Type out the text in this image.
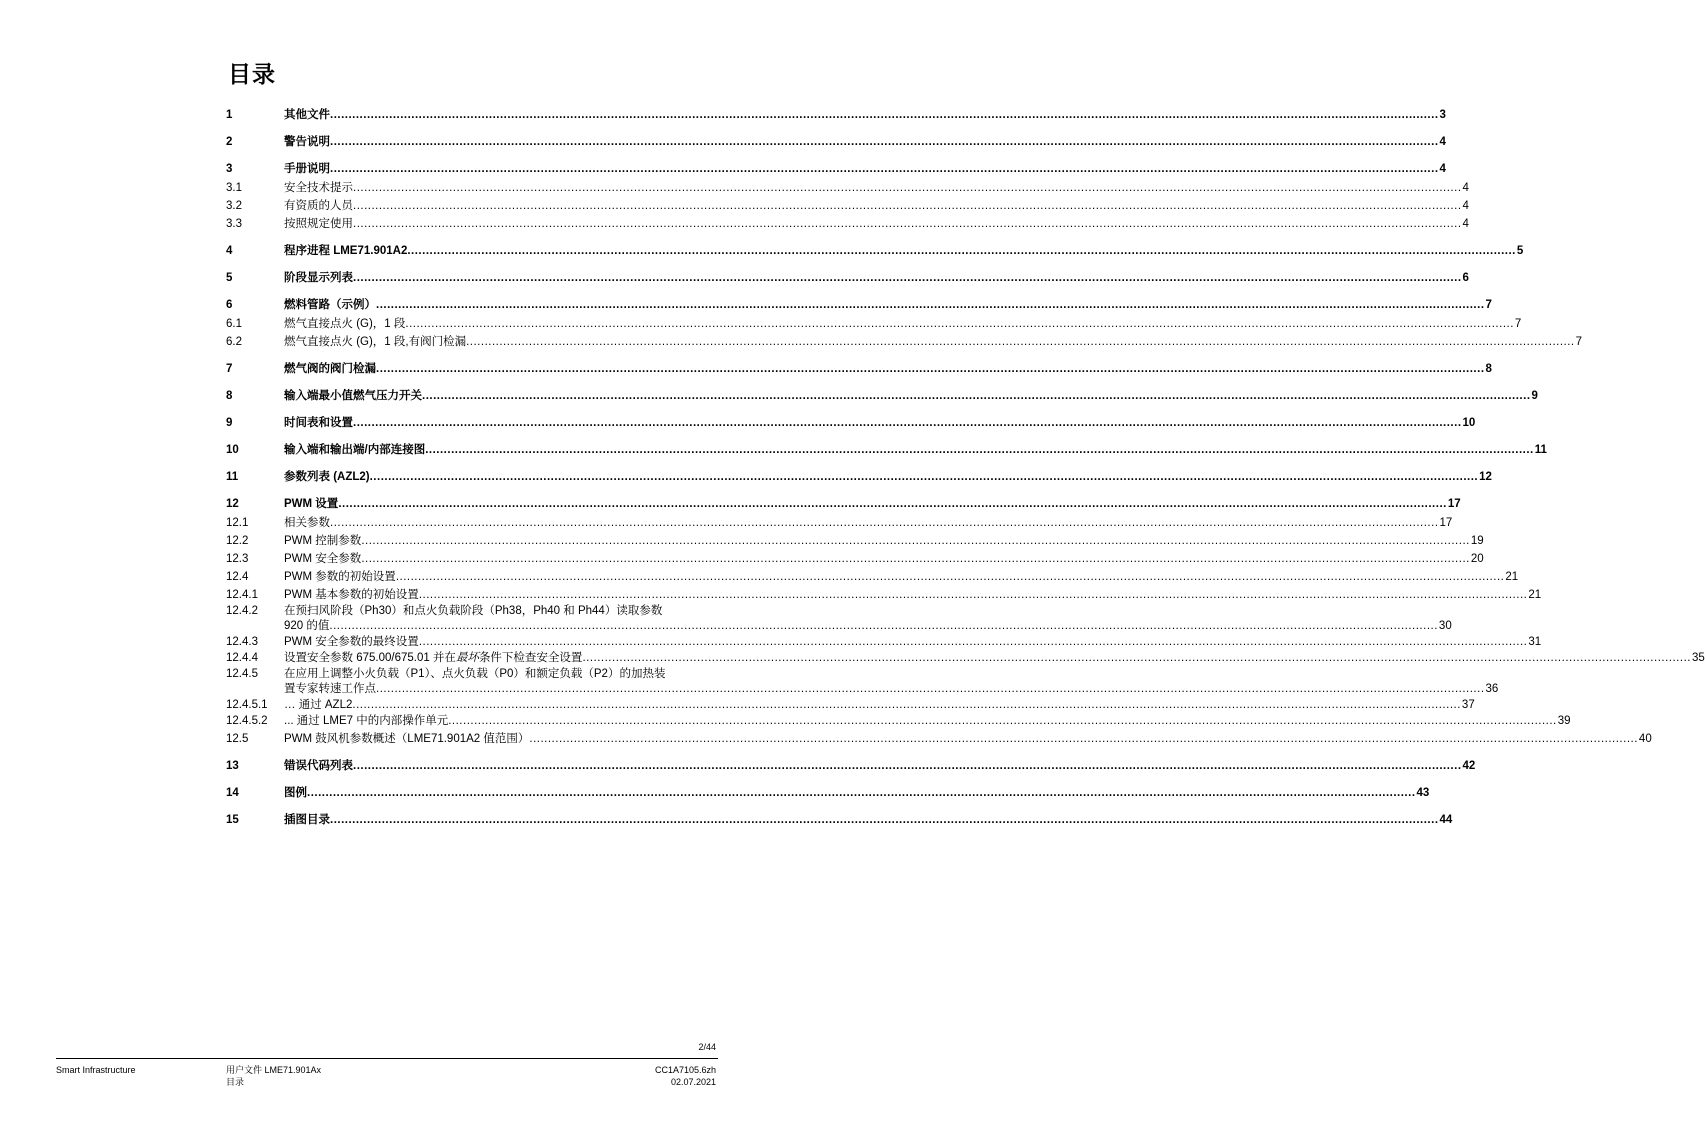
目录
1	其他文件 ............................................................................................................................................................................................................................................................................................................ 3
2	警告说明 ............................................................................................................................................................................................................................................................................................................ 4
3	手册说明 ............................................................................................................................................................................................................................................................................................................ 4
3.1	安全技术提示 ............................................................................................................................................................................................................................................................................................................ 4
3.2	有资质的人员 ............................................................................................................................................................................................................................................................................................................ 4
3.3	按照规定使用 ............................................................................................................................................................................................................................................................................................................ 4
4	程序进程 LME71.901A2 ............................................................................................................................................................................................................................................................................................................ 5
5	阶段显示列表 ............................................................................................................................................................................................................................................................................................................ 6
6	燃料管路（示例） ............................................................................................................................................................................................................................................................................................................ 7
6.1	燃气直接点火 (G)，1 段 ............................................................................................................................................................................................................................................................................................................ 7
6.2	燃气直接点火 (G)，1 段,有阀门检漏 ............................................................................................................................................................................................................................................................................................................ 7
7	燃气阀的阀门检漏 ............................................................................................................................................................................................................................................................................................................ 8
8	输入端最小值燃气压力开关 ............................................................................................................................................................................................................................................................................................................ 9
9	时间表和设置 ............................................................................................................................................................................................................................................................................................................ 10
10	输入端和输出端/内部连接图 ............................................................................................................................................................................................................................................................................................................ 11
11	参数列表 (AZL2) ............................................................................................................................................................................................................................................................................................................ 12
12	PWM 设置 ............................................................................................................................................................................................................................................................................................................ 17
12.1	相关参数 ............................................................................................................................................................................................................................................................................................................ 17
12.2	PWM 控制参数 ............................................................................................................................................................................................................................................................................................................ 19
12.3	PWM 安全参数 ............................................................................................................................................................................................................................................................................................................ 20
12.4	PWM 参数的初始设置 ............................................................................................................................................................................................................................................................................................................ 21
12.4.1	PWM 基本参数的初始设置 ............................................................................................................................................................................................................................................................................................................ 21
12.4.2	在预扫风阶段（Ph30）和点火负载阶段（Ph38，Ph40 和 Ph44）读取参数
920 的值 ............................................................................................................................................................................................................................................................................................................ 30
12.4.3	PWM 安全参数的最终设置 ............................................................................................................................................................................................................................................................................................................ 31
12.4.4	设置安全参数 675.00/675.01 并在最坏条件下检查安全设置 ............................................................................................................................................................................................................................................................................................................ 35
12.4.5	在应用上调整小火负载（P1）、点火负载（P0）和额定负载（P2）的加热装
置专家转速工作点 ............................................................................................................................................................................................................................................................................................................ 36
12.4.5.1	… 通过 AZL2 ............................................................................................................................................................................................................................................................................................................ 37
12.4.5.2	... 通过 LME7 中的内部操作单元 ............................................................................................................................................................................................................................................................................................................ 39
12.5	PWM 鼓风机参数概述（LME71.901A2 值范围） ............................................................................................................................................................................................................................................................................................................ 40
13	错误代码列表 ............................................................................................................................................................................................................................................................................................................ 42
14	图例 ............................................................................................................................................................................................................................................................................................................ 43
15	插图目录 ............................................................................................................................................................................................................................................................................................................ 44
2/44
Smart Infrastructure	用户文件 LME71.901Ax
目录
CC1A7105.6zh
02.07.2021
